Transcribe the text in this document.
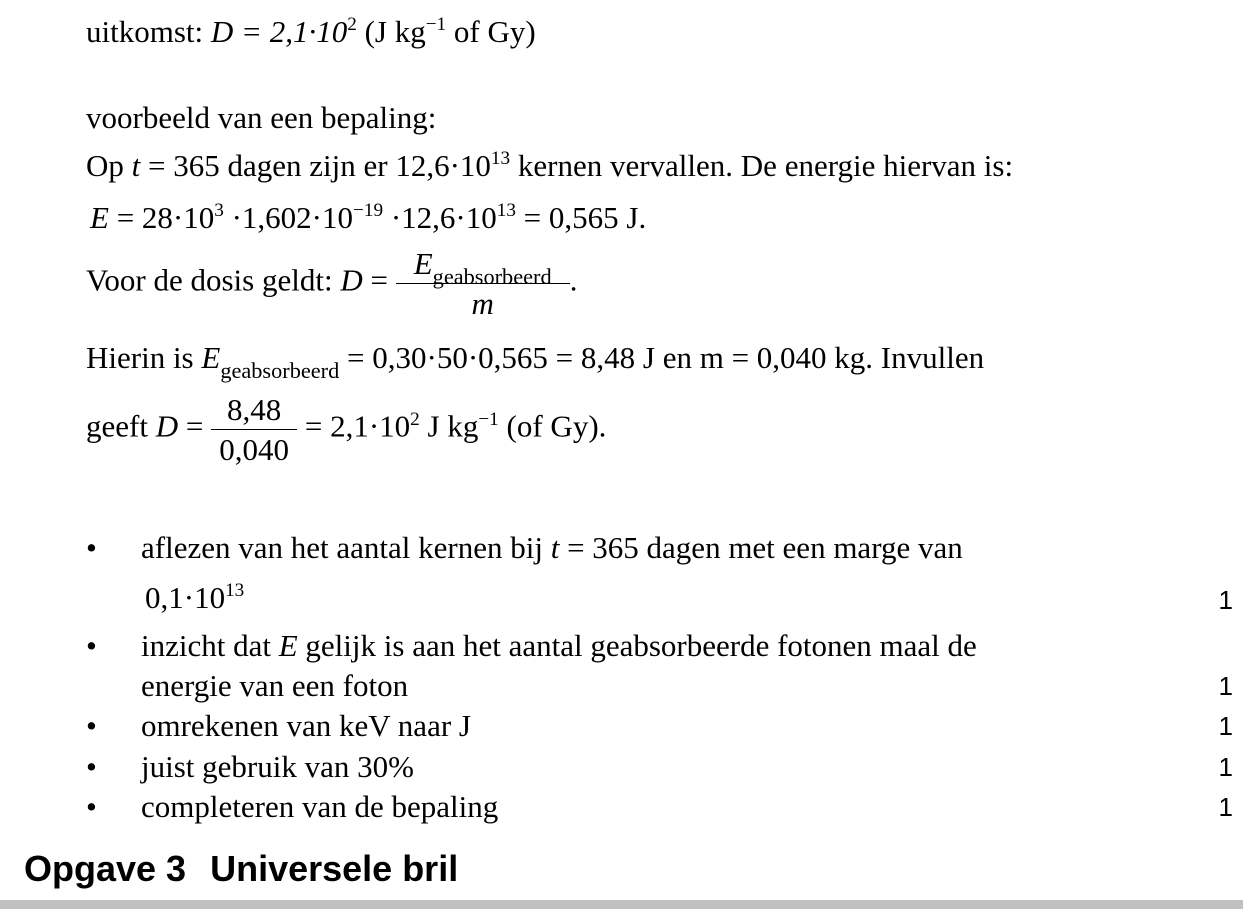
uitkomst: $D = 2,1\cdot 10^2$ (J $kg^{-1}$ of Gy)
voorbeeld van een bepaling:
Op t = 365 dagen zijn er $12,6\cdot 10^{13}$ kernen vervallen. De energie hiervan is:
$E = 28\cdot 10^3 \cdot 1,602\cdot 10^{-19} \cdot 12,6\cdot 10^{13} = 0,565$ J.
Voor de dosis geldt: $D = \frac{E_{geabsorbeerd}}{m}$ .
Hierin is $E_{geabsorbeerd} = 0,30\cdot 50\cdot 0,565 = 8,48$ J en m = 0,040 kg. Invullen
geeft $D = \frac{8,48}{0,040} = 2,1\cdot 10^2$ J $kg^{-1}$ (of Gy).
• aflezen van het aantal kernen bij t = 365 dagen met een marge van
$0,1\cdot 10^{13}$	1
• inzicht dat E gelijk is aan het aantal geabsorbeerde fotonen maal de
energie van een foton	1
• omrekenen van keV naar J	1
• juist gebruik van 30%	1
• completeren van de bepaling	1
Opgave 3 Universele bril
